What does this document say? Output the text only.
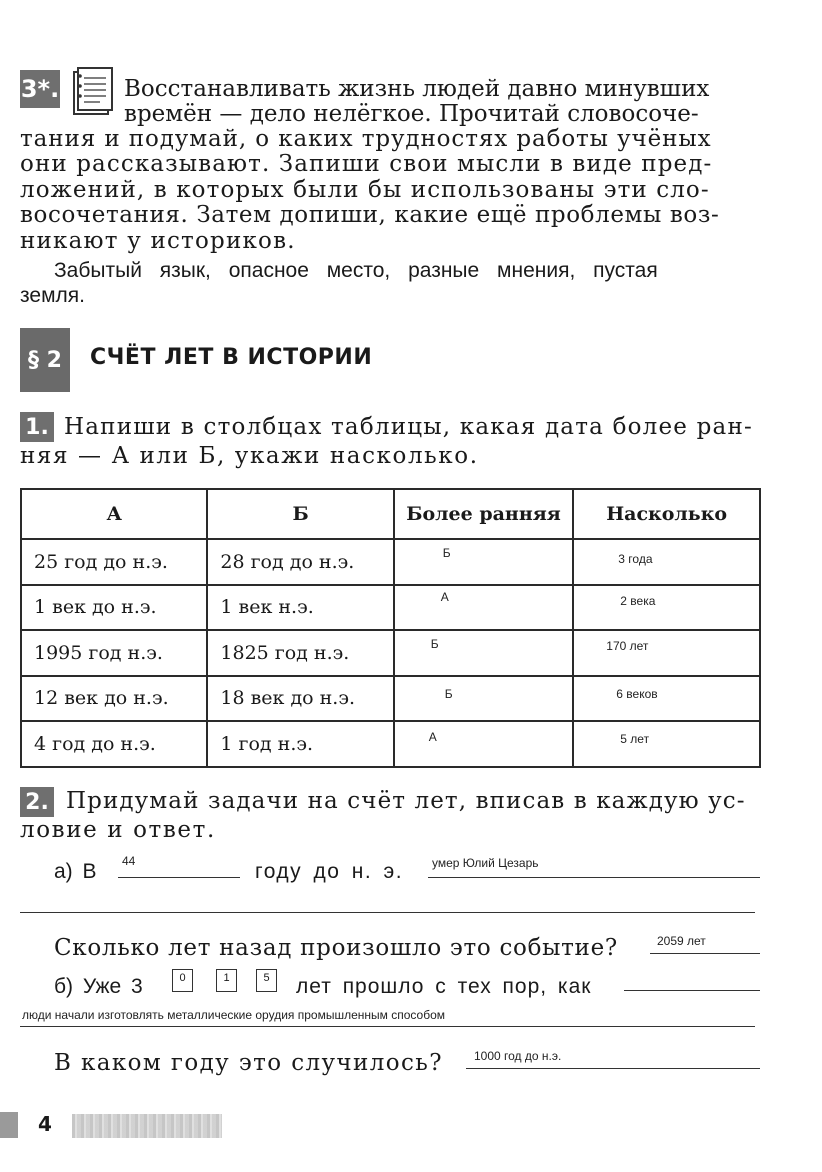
3*.	Восстанавливать жизнь людей давно минувших
времён — дело нелёгкое. Прочитай словосоче-
тания и подумай, о каких трудностях работы учёных
они рассказывают. Запиши свои мысли в виде пред-
ложений, в которых были бы использованы эти сло-
восочетания. Затем допиши, какие ещё проблемы воз-
никают у историков.
Забытый язык, опасное место, разные мнения, пустая
земля.
§ 2	СЧЁТ ЛЕТ В ИСТОРИИ
1. Напиши в столбцах таблицы, какая дата более ран-
няя — А или Б, укажи насколько.
А	Б	Более ранняя	Насколько
25 год до н.э.	28 год до н.э.	Б	3 года

1 век до н.э.	1 век н.э.	А	2 века

1995 год н.э.	1825 год н.э.	Б	170 лет

12 век до н.э.	18 век до н.э.	Б	6 веков

4 год до н.э.	1 год н.э.	А	5 лет
2. Придумай задачи на счёт лет, вписав в каждую ус-
ловие и ответ.
а) В 44	году до н. э. умер Юлий Цезарь
Сколько лет назад произошло это событие?	2059 лет
б) Уже 3	0	1	5	лет прошло с тех пор, как
люди начали изготовлять металлические орудия промышленным способом
В каком году это случилось?	1000 год до н.э.
4
